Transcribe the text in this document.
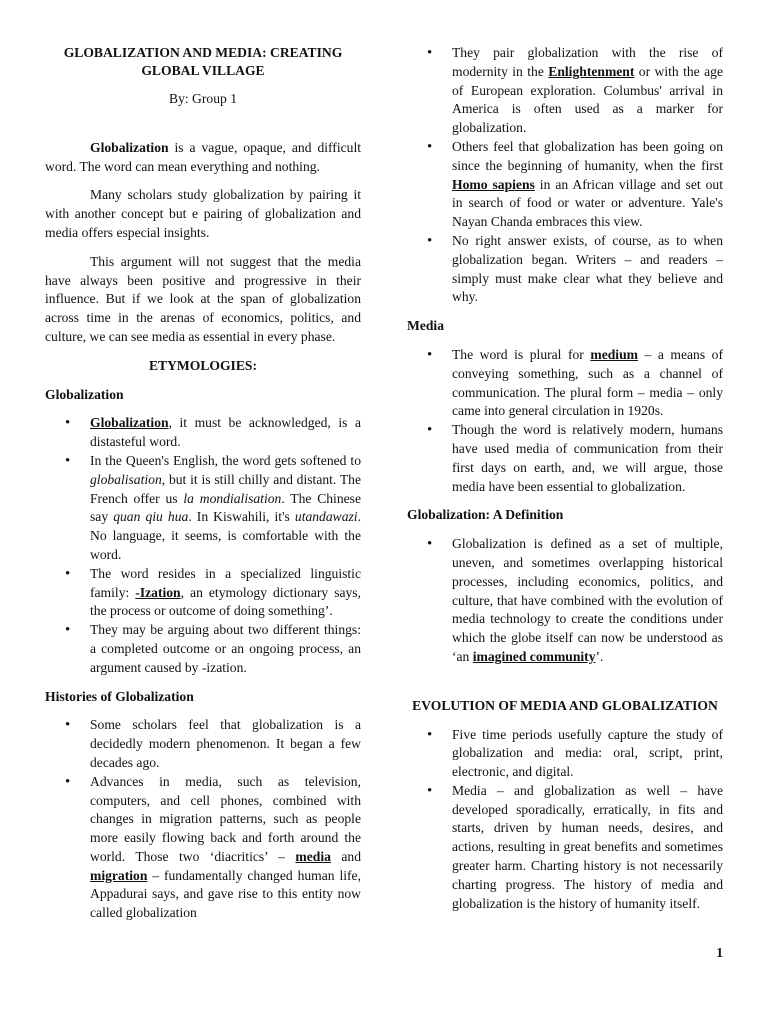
GLOBALIZATION AND MEDIA: CREATING
GLOBAL VILLAGE

By: Group 1

Globalization is a vague, opaque, and difficult word. The word can mean everything and nothing.

Many scholars study globalization by pairing it with another concept but e pairing of globalization and media offers especial insights.

This argument will not suggest that the media have always been positive and progressive in their influence. But if we look at the span of globalization across time in the arenas of economics, politics, and culture, we can see media as essential in every phase.

ETYMOLOGIES:

Globalization

• Globalization, it must be acknowledged, is a distasteful word.
• In the Queen's English, the word gets softened to globalisation, but it is still chilly and distant. The French offer us la mondialisation. The Chinese say quan qiu hua. In Kiswahili, it's utandawazi. No language, it seems, is comfortable with the word.
• The word resides in a specialized linguistic family: -Ization, an etymology dictionary says, the process or outcome of doing something’.
• They may be arguing about two different things: a completed outcome or an ongoing process, an argument caused by -ization.

Histories of Globalization

• Some scholars feel that globalization is a decidedly modern phenomenon. It began a few decades ago.
• Advances in media, such as television, computers, and cell phones, combined with changes in migration patterns, such as people more easily flowing back and forth around the world. Those two ‘diacritics’ – media and migration – fundamentally changed human life, Appadurai says, and gave rise to this entity now called globalization
• They pair globalization with the rise of modernity in the Enlightenment or with the age of European exploration. Columbus' arrival in America is often used as a marker for globalization.
• Others feel that globalization has been going on since the beginning of humanity, when the first Homo sapiens in an African village and set out in search of food or water or adventure. Yale's Nayan Chanda embraces this view.
• No right answer exists, of course, as to when globalization began. Writers – and readers – simply must make clear what they believe and why.

Media

• The word is plural for medium – a means of conveying something, such as a channel of communication. The plural form – media – only came into general circulation in 1920s.
• Though the word is relatively modern, humans have used media of communication from their first days on earth, and, we will argue, those media have been essential to globalization.

Globalization: A Definition

• Globalization is defined as a set of multiple, uneven, and sometimes overlapping historical processes, including economics, politics, and culture, that have combined with the evolution of media technology to create the conditions under which the globe itself can now be understood as ‘an imagined community’.

EVOLUTION OF MEDIA AND GLOBALIZATION

• Five time periods usefully capture the study of globalization and media: oral, script, print, electronic, and digital.
• Media – and globalization as well – have developed sporadically, erratically, in fits and starts, driven by human needs, desires, and actions, resulting in great benefits and sometimes greater harm. Charting history is not necessarily charting progress. The history of media and globalization is the history of humanity itself.
1
